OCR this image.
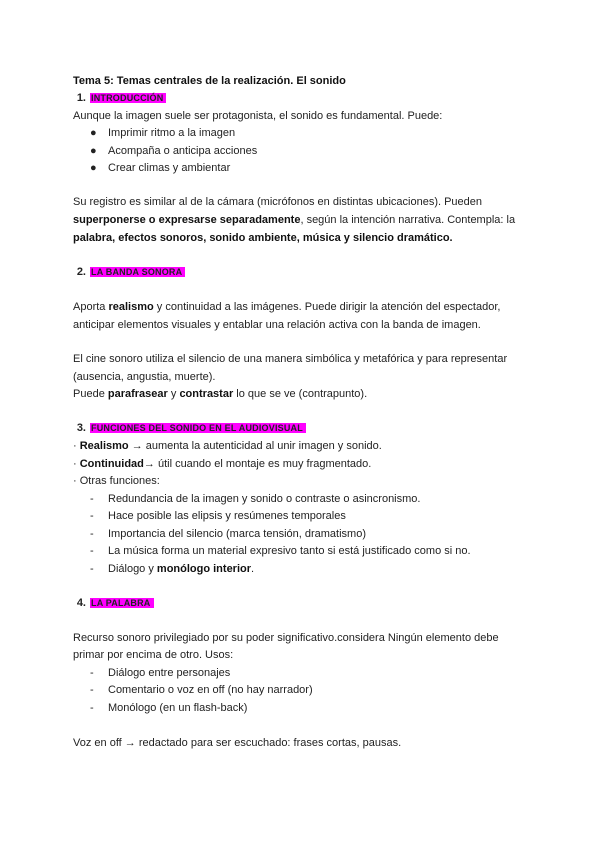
Tema 5: Temas centrales de la realización. El sonido
1. INTRODUCCIÓN
Aunque la imagen suele ser protagonista, el sonido es fundamental. Puede:
● Imprimir ritmo a la imagen
● Acompaña o anticipa acciones
● Crear climas y ambientar
Su registro es similar al de la cámara (micrófonos en distintas ubicaciones). Pueden
superponerse o expresarse separadamente, según la intención narrativa. Contempla: la
palabra, efectos sonoros, sonido ambiente, música y silencio dramático.
2. LA BANDA SONORA
Aporta realismo y continuidad a las imágenes. Puede dirigir la atención del espectador,
anticipar elementos visuales y entablar una relación activa con la banda de imagen.
El cine sonoro utiliza el silencio de una manera simbólica y metafórica y para representar
(ausencia, angustia, muerte).
Puede parafrasear y contrastar lo que se ve (contrapunto).
3. FUNCIONES DEL SONIDO EN EL AUDIOVISUAL
· Realismo → aumenta la autenticidad al unir imagen y sonido.
· Continuidad→ útil cuando el montaje es muy fragmentado.
· Otras funciones:
- Redundancia de la imagen y sonido o contraste o asincronismo.
- Hace posible las elipsis y resúmenes temporales
- Importancia del silencio (marca tensión, dramatismo)
- La música forma un material expresivo tanto si está justificado como si no.
- Diálogo y monólogo interior.
4. LA PALABRA
Recurso sonoro privilegiado por su poder significativo.considera Ningún elemento debe
primar por encima de otro. Usos:
- Diálogo entre personajes
- Comentario o voz en off (no hay narrador)
- Monólogo (en un flash-back)
Voz en off → redactado para ser escuchado: frases cortas, pausas.
